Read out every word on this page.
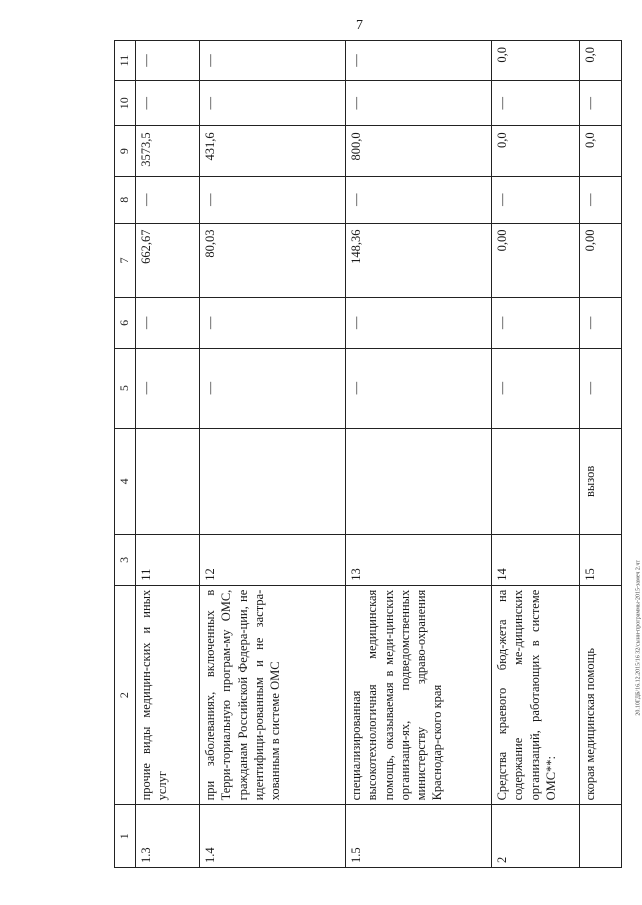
7
20.10ГДБ/16.12.2015/16 32/сыни-программы-2015-замеч 2.чт
1	2	3	4	5	6	7	8	9	10	11
1.3	прочие виды медицин-ских и иных услуг	11		—	—	662,67	—	3573,5	—	—
1.4	при заболеваниях, включенных в Терри-ториальную програм-му ОМС, гражданам Российской Федера-ции, не идентифици-рованным и не застра-хованным в системе ОМС	12		—	—	80,03	—	431,6	—	—
1.5	специализированная высокотехнологичная медицинская помощь, оказываемая в меди-цинских организаци-ях, подведомственных министерству здраво-охранения Краснодар-ского края	13		—	—	148,36	—	800,0	—	—
2	Средства краевого бюд-жета на содержание ме-дицинских организаций, работающих в системе ОМС**:	14		—	—	0,00	—	0,0	—	0,0
	скорая медицинская помощь	15	вызов	—	—	0,00	—	0,0	—	0,0
